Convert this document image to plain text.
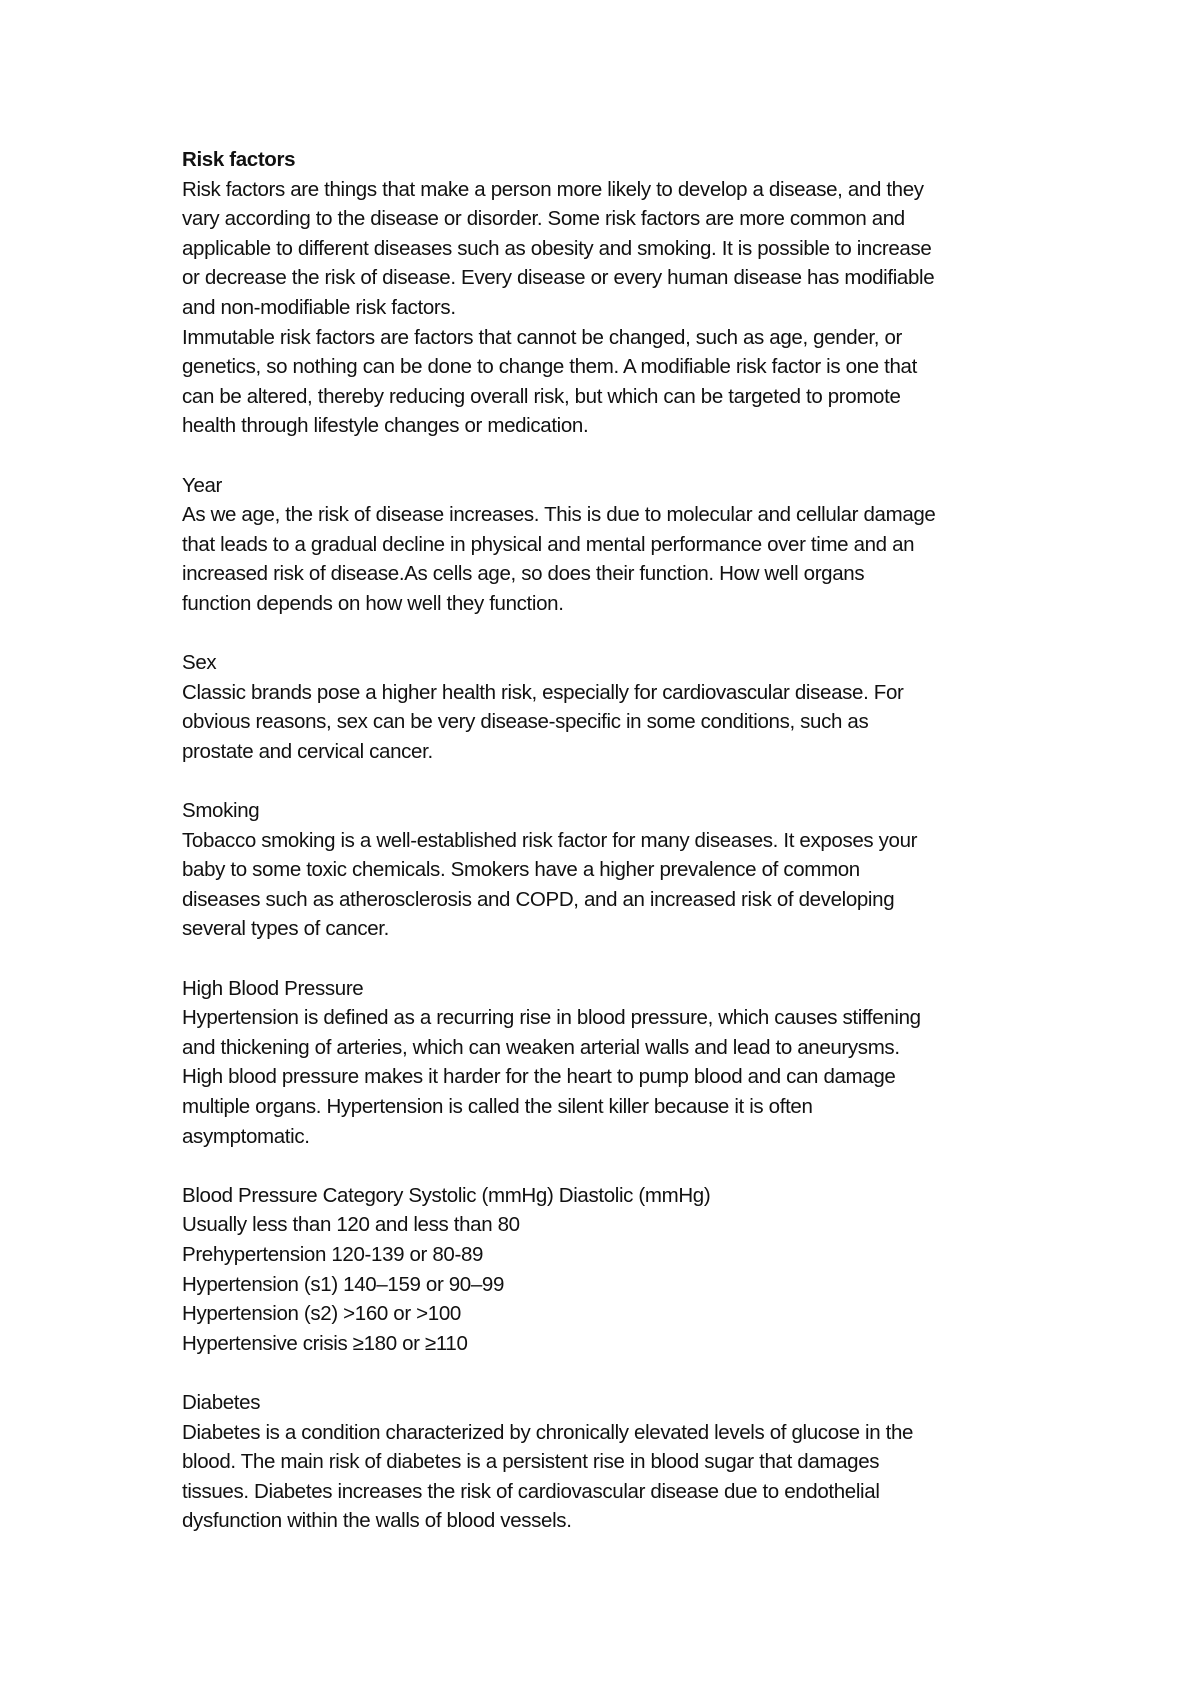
Risk factors
Risk factors are things that make a person more likely to develop a disease, and they
vary according to the disease or disorder. Some risk factors are more common and
applicable to different diseases such as obesity and smoking. It is possible to increase
or decrease the risk of disease. Every disease or every human disease has modifiable
and non-modifiable risk factors.
Immutable risk factors are factors that cannot be changed, such as age, gender, or
genetics, so nothing can be done to change them. A modifiable risk factor is one that
can be altered, thereby reducing overall risk, but which can be targeted to promote
health through lifestyle changes or medication.
Year
As we age, the risk of disease increases. This is due to molecular and cellular damage
that leads to a gradual decline in physical and mental performance over time and an
increased risk of disease.As cells age, so does their function. How well organs
function depends on how well they function.
Sex
Classic brands pose a higher health risk, especially for cardiovascular disease. For
obvious reasons, sex can be very disease-specific in some conditions, such as
prostate and cervical cancer.
Smoking
Tobacco smoking is a well-established risk factor for many diseases. It exposes your
baby to some toxic chemicals. Smokers have a higher prevalence of common
diseases such as atherosclerosis and COPD, and an increased risk of developing
several types of cancer.
High Blood Pressure
Hypertension is defined as a recurring rise in blood pressure, which causes stiffening
and thickening of arteries, which can weaken arterial walls and lead to aneurysms.
High blood pressure makes it harder for the heart to pump blood and can damage
multiple organs. Hypertension is called the silent killer because it is often
asymptomatic.
Blood Pressure Category Systolic (mmHg) Diastolic (mmHg)
Usually less than 120 and less than 80
Prehypertension 120-139 or 80-89
Hypertension (s1) 140–159 or 90–99
Hypertension (s2) >160 or >100
Hypertensive crisis ≥180 or ≥110
Diabetes
Diabetes is a condition characterized by chronically elevated levels of glucose in the
blood. The main risk of diabetes is a persistent rise in blood sugar that damages
tissues. Diabetes increases the risk of cardiovascular disease due to endothelial
dysfunction within the walls of blood vessels.
